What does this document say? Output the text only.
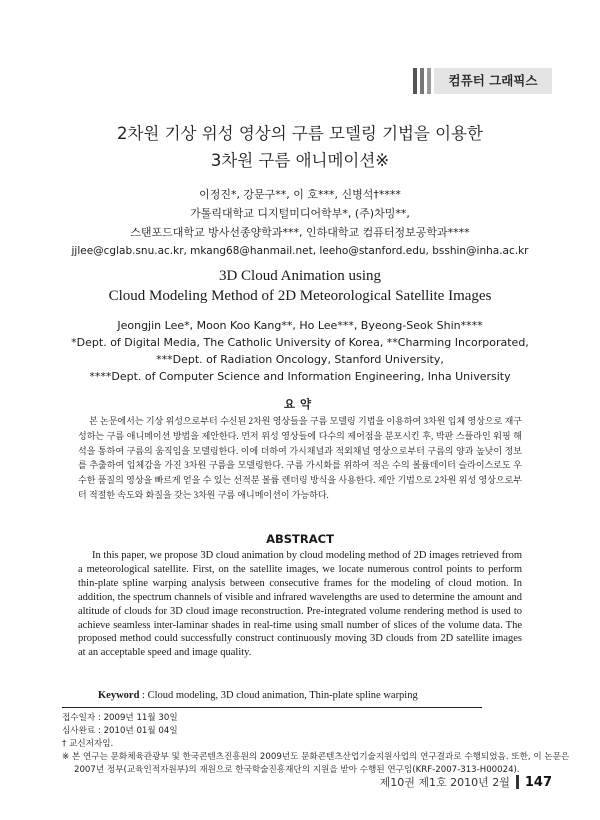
컴퓨터 그래픽스
2차원 기상 위성 영상의 구름 모델링 기법을 이용한
3차원 구름 애니메이션※
이정진*, 강문구**, 이 호***, 신병석†****
가톨릭대학교 디지털미디어학부*, (주)차밍**,
스탠포드대학교 방사선종양학과***, 인하대학교 컴퓨터정보공학과****
jjlee@cglab.snu.ac.kr, mkang68@hanmail.net, leeho@stanford.edu, bsshin@inha.ac.kr
3D Cloud Animation using
Cloud Modeling Method of 2D Meteorological Satellite Images
Jeongjin Lee*, Moon Koo Kang**, Ho Lee***, Byeong-Seok Shin****
*Dept. of Digital Media, The Catholic University of Korea, **Charming Incorporated,
***Dept. of Radiation Oncology, Stanford University,
****Dept. of Computer Science and Information Engineering, Inha University
요약
본 논문에서는 기상 위성으로부터 수신된 2차원 영상들을 구름 모델링 기법을 이용하여 3차원 입체 영상으로 재구성하는 구름 애니메이션 방법을 제안한다. 먼저 위성 영상들에 다수의 제어점을 분포시킨 후, 박판 스플라인 워핑 해석을 통하여 구름의 움직임을 모델링한다. 이에 더하여 가시채널과 적외채널 영상으로부터 구름의 양과 높낮이 정보를 추출하여 입체감을 가진 3차원 구름을 모델링한다. 구름 가시화를 위하여 적은 수의 볼륨데이터 슬라이스로도 우수한 품질의 영상을 빠르게 얻을 수 있는 선적분 볼륨 렌더링 방식을 사용한다. 제안 기법으로 2차원 위성 영상으로부터 적절한 속도와 화질을 갖는 3차원 구름 애니메이션이 가능하다.
ABSTRACT
In this paper, we propose 3D cloud animation by cloud modeling method of 2D images retrieved from a meteorological satellite. First, on the satellite images, we locate numerous control points to perform thin-plate spline warping analysis between consecutive frames for the modeling of cloud motion. In addition, the spectrum channels of visible and infrared wavelengths are used to determine the amount and altitude of clouds for 3D cloud image reconstruction. Pre-integrated volume rendering method is used to achieve seamless inter-laminar shades in real-time using small number of slices of the volume data. The proposed method could successfully construct continuously moving 3D clouds from 2D satellite images at an acceptable speed and image quality.
Keyword : Cloud modeling, 3D cloud animation, Thin-plate spline warping
접수일자 : 2009년 11월 30일
심사완료 : 2010년 01월 04일
† 교신저자임.
※ 본 연구는 문화체육관광부 및 한국콘텐츠진흥원의 2009년도 문화콘텐츠산업기술지원사업의 연구결과로 수행되었음. 또한, 이 논문은
2007년 정부(교육인적자원부)의 재원으로 한국학술진흥재단의 지원을 받아 수행된 연구임(KRF-2007-313-H00024).
제10권 제1호 2010년 2월 147
